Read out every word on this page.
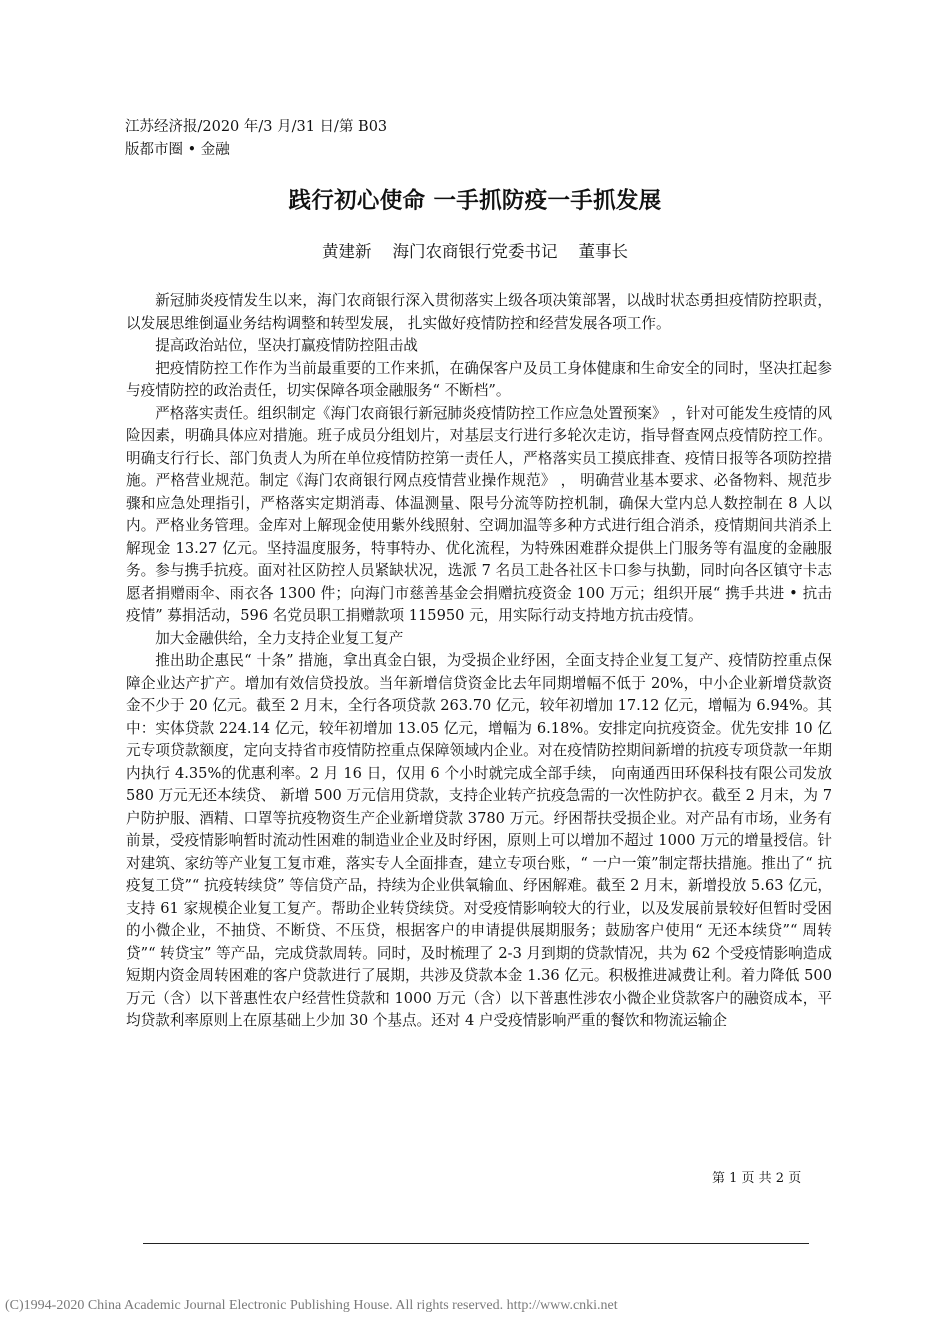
江苏经济报/2020 年/3 月/31 日/第 B03
版都市圈 • 金融
践行初心使命 一手抓防疫一手抓发展
黄建新    海门农商银行党委书记    董事长

新冠肺炎疫情发生以来，海门农商银行深入贯彻落实上级各项决策部署，以战时状态勇担疫情防控职责， 以发展思维倒逼业务结构调整和转型发展， 扎实做好疫情防控和经营发展各项工作。

提高政治站位，坚决打赢疫情防控阻击战

把疫情防控工作作为当前最重要的工作来抓，在确保客户及员工身体健康和生命安全的同时，坚决扛起参与疫情防控的政治责任，切实保障各项金融服务“ 不断档”。

严格落实责任。组织制定《海门农商银行新冠肺炎疫情防控工作应急处置预案》 ，针对可能发生疫情的风险因素，明确具体应对措施。班子成员分组划片，对基层支行进行多轮次走访，指导督查网点疫情防控工作。明确支行行长、部门负责人为所在单位疫情防控第一责任人，严格落实员工摸底排查、疫情日报等各项防控措施。严格营业规范。制定《海门农商银行网点疫情营业操作规范》 ， 明确营业基本要求、必备物料、规范步骤和应急处理指引，严格落实定期消毒、体温测量、限号分流等防控机制，确保大堂内总人数控制在 8 人以内。严格业务管理。金库对上解现金使用紫外线照射、空调加温等多种方式进行组合消杀，疫情期间共消杀上解现金 13.27 亿元。坚持温度服务，特事特办、优化流程，为特殊困难群众提供上门服务等有温度的金融服务。参与携手抗疫。面对社区防控人员紧缺状况，选派 7 名员工赴各社区卡口参与执勤，同时向各区镇守卡志愿者捐赠雨伞、雨衣各 1300 件；向海门市慈善基金会捐赠抗疫资金 100 万元；组织开展“ 携手共进 • 抗击疫情” 募捐活动，596 名党员职工捐赠款项 115950 元，用实际行动支持地方抗击疫情。

加大金融供给，全力支持企业复工复产

推出助企惠民“ 十条” 措施，拿出真金白银，为受损企业纾困，全面支持企业复工复产、疫情防控重点保障企业达产扩产。增加有效信贷投放。当年新增信贷资金比去年同期增幅不低于 20%，中小企业新增贷款资金不少于 20 亿元。截至 2 月末，全行各项贷款 263.70 亿元，较年初增加 17.12 亿元，增幅为 6.94%。其中：实体贷款 224.14 亿元，较年初增加 13.05 亿元，增幅为 6.18%。安排定向抗疫资金。优先安排 10 亿元专项贷款额度，定向支持省市疫情防控重点保障领域内企业。对在疫情防控期间新增的抗疫专项贷款一年期内执行 4.35%的优惠利率。2 月 16 日，仅用 6 个小时就完成全部手续， 向南通西田环保科技有限公司发放 580 万元无还本续贷、 新增 500 万元信用贷款，支持企业转产抗疫急需的一次性防护衣。截至 2 月末，为 7 户防护服、酒精、口罩等抗疫物资生产企业新增贷款 3780 万元。纾困帮扶受损企业。对产品有市场，业务有前景，受疫情影响暂时流动性困难的制造业企业及时纾困，原则上可以增加不超过 1000 万元的增量授信。针对建筑、家纺等产业复工复市难，落实专人全面排查，建立专项台账，“ 一户一策”制定帮扶措施。推出了“ 抗疫复工贷”“ 抗疫转续贷” 等信贷产品，持续为企业供氧输血、纾困解难。截至 2 月末，新增投放 5.63 亿元，支持 61 家规模企业复工复产。帮助企业转贷续贷。对受疫情影响较大的行业，以及发展前景较好但暂时受困的小微企业，不抽贷、不断贷、不压贷，根据客户的申请提供展期服务；鼓励客户使用“ 无还本续贷”“ 周转贷”“ 转贷宝” 等产品，完成贷款周转。同时，及时梳理了 2-3 月到期的贷款情况，共为 62 个受疫情影响造成短期内资金周转困难的客户贷款进行了展期，共涉及贷款本金 1.36 亿元。积极推进减费让利。着力降低 500 万元（含）以下普惠性农户经营性贷款和 1000 万元（含）以下普惠性涉农小微企业贷款客户的融资成本，平均贷款利率原则上在原基础上少加 30 个基点。还对 4 户受疫情影响严重的餐饮和物流运输企

第 1 页 共 2 页
(C)1994-2020 China Academic Journal Electronic Publishing House. All rights reserved. http://www.cnki.net
